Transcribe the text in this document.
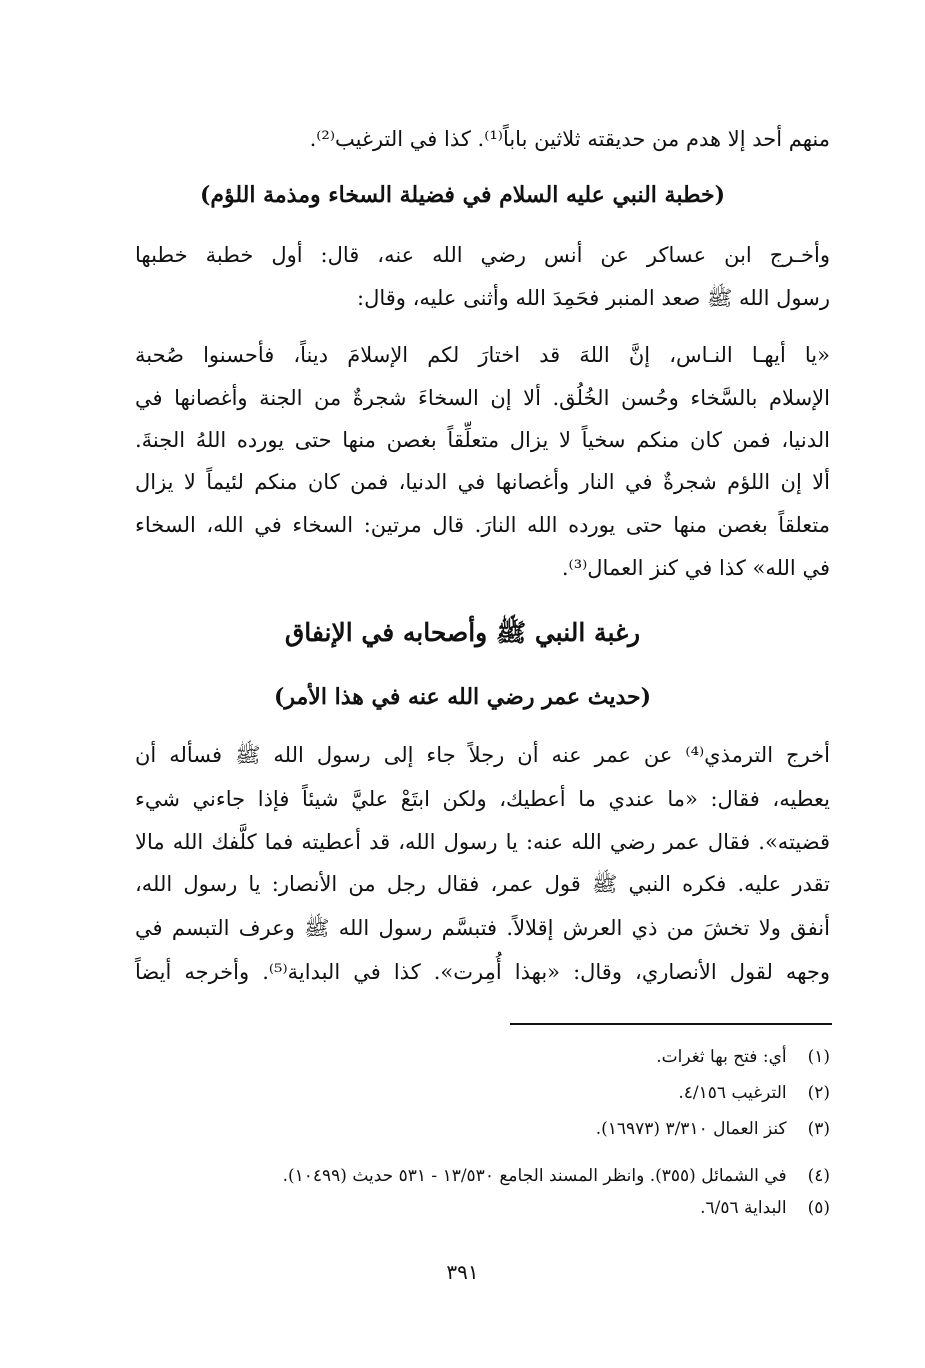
منهم أحد إلا هدم من حديقته ثلاثين باباً⁽¹⁾. كذا في الترغيب⁽²⁾.
(خطبة النبي عليه السلام في فضيلة السخاء ومذمة اللؤم)
وأخـرج ابن عساكر عن أنس رضي الله عنه، قال: أول خطبة خطبها
رسول الله ﷺ صعد المنبر فحَمِدَ الله وأثنى عليه، وقال:
«يا أيهـا النـاس، إنَّ اللهَ قد اختارَ لكم الإسلامَ ديناً، فأحسنوا صُحبة
الإسلام بالسَّخاء وحُسن الخُلُق. ألا إن السخاءَ شجرةٌ من الجنة وأغصانها في
الدنيا، فمن كان منكم سخياً لا يزال متعلِّقاً بغصن منها حتى يورده اللهُ الجنةَ.
ألا إن اللؤم شجرةٌ في النار وأغصانها في الدنيا، فمن كان منكم لئيماً لا يزال
متعلقاً بغصن منها حتى يورده الله النارَ. قال مرتين: السخاء في الله، السخاء
في الله» كذا في كنز العمال⁽³⁾.
رغبة النبي ﷺ وأصحابه في الإنفاق
(حديث عمر رضي الله عنه في هذا الأمر)
أخرج الترمذي⁽⁴⁾ عن عمر عنه أن رجلاً جاء إلى رسول الله ﷺ فسأله أن
يعطيه، فقال: «ما عندي ما أعطيك، ولكن ابتَعْ عليَّ شيئاً فإذا جاءني شيء
قضيته». فقال عمر رضي الله عنه: يا رسول الله، قد أعطيته فما كلَّفك الله مالا
تقدر عليه. فكره النبي ﷺ قول عمر، فقال رجل من الأنصار: يا رسول الله،
أنفق ولا تخشَ من ذي العرش إقلالاً. فتبسَّم رسول الله ﷺ وعرف التبسم في
وجهه لقول الأنصاري، وقال: «بهذا أُمِرت». كذا في البداية⁽⁵⁾. وأخرجه أيضاً
(١) أي: فتح بها ثغرات.
(٢) الترغيب ٤/١٥٦.
(٣) كنز العمال ٣/٣١٠ (١٦٩٧٣).
(٤) في الشمائل (٣٥٥). وانظر المسند الجامع ١٣/٥٣٠ - ٥٣١ حديث (١٠٤٩٩).
(٥) البداية ٦/٥٦.
٣٩١
